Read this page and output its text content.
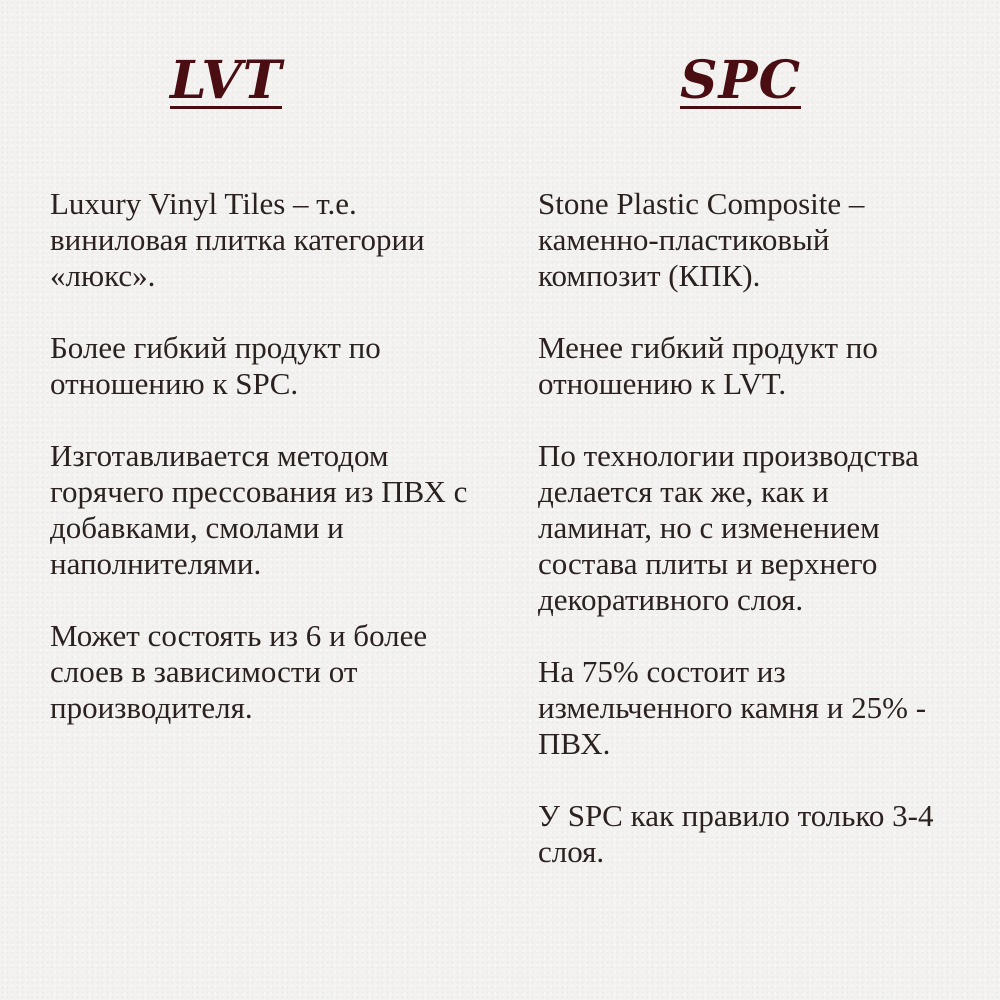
LVT

Luxury Vinyl Tiles – т.е.
виниловая плитка категории
«люкс».

Более гибкий продукт по
отношению к SPC.

Изготавливается методом
горячего прессования из ПВХ с
добавками, смолами и
наполнителями.

Может состоять из 6 и более
слоев в зависимости от
производителя.

SPC

Stone Plastic Composite –
каменно-пластиковый
композит (КПК).

Менее гибкий продукт по
отношению к LVT.

По технологии производства
делается так же, как и
ламинат, но с изменением
состава плиты и верхнего
декоративного слоя.

На 75% состоит из
измельченного камня и 25% -
ПВХ.

У SPC как правило только 3-4
слоя.
